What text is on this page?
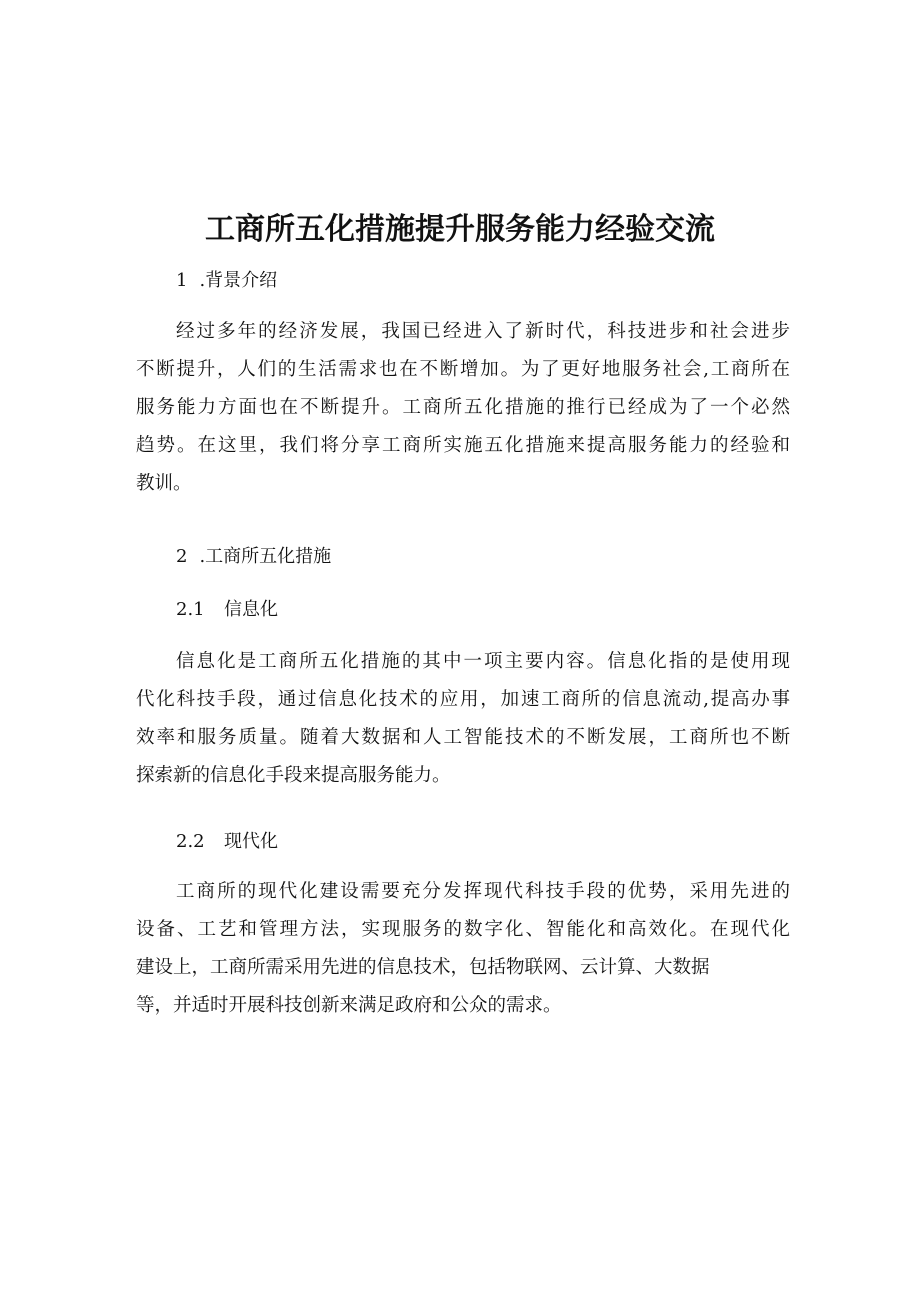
工商所五化措施提升服务能力经验交流
1 .背景介绍
经过多年的经济发展，我国已经进入了新时代，科技进步和社会进步
不断提升，人们的生活需求也在不断增加。为了更好地服务社会,工商所在
服务能力方面也在不断提升。工商所五化措施的推行已经成为了一个必然
趋势。在这里，我们将分享工商所实施五化措施来提高服务能力的经验和
教训。
2 .工商所五化措施
2.1 信息化
信息化是工商所五化措施的其中一项主要内容。信息化指的是使用现
代化科技手段，通过信息化技术的应用，加速工商所的信息流动,提高办事
效率和服务质量。随着大数据和人工智能技术的不断发展，工商所也不断
探索新的信息化手段来提高服务能力。
2.2 现代化
工商所的现代化建设需要充分发挥现代科技手段的优势，采用先进的
设备、工艺和管理方法，实现服务的数字化、智能化和高效化。在现代化
建设上，工商所需采用先进的信息技术，包括物联网、云计算、大数据
等，并适时开展科技创新来满足政府和公众的需求。
